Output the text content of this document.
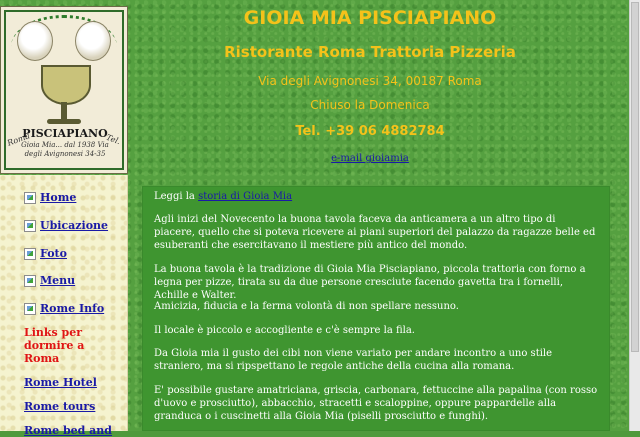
Roma	Tel.
PISCIAPIANO
Gioia Mia... dal 1938 Via degli Avignonesi 34-35
GIOIA MIA PISCIAPIANO
Ristorante Roma Trattoria Pizzeria
Via degli Avignonesi 34, 00187 Roma
Chiuso la Domenica
Tel. +39 06 4882784
e-mail gioiamia
Home
Ubicazione
Foto
Menu
Rome Info
Links per dormire a Roma
Rome Hotel
Rome tours
Rome bed and

Leggi la storia di Gioia Mia

Agli inizi del Novecento la buona tavola faceva da anticamera a un altro tipo di piacere, quello che si poteva ricevere ai piani superiori del palazzo da ragazze belle ed esuberanti che esercitavano il mestiere più antico del mondo.

La buona tavola è la tradizione di Gioia Mia Pisciapiano, piccola trattoria con forno a legna per pizze, tirata su da due persone cresciute facendo gavetta tra i fornelli, Achille e Walter.

Amicizia, fiducia e la ferma volontà di non spellare nessuno.

Il locale è piccolo e accogliente e c'è sempre la fila.

Da Gioia mia il gusto dei cibi non viene variato per andare incontro a uno stile straniero, ma si ripspettano le regole antiche della cucina alla romana.

E' possibile gustare amatriciana, griscia, carbonara, fettuccine alla papalina (con rosso d'uovo e prosciutto), abbacchio, stracetti e scaloppine, oppure pappardelle alla granduca o i cuscinetti alla Gioia Mia (piselli prosciutto e funghi).
